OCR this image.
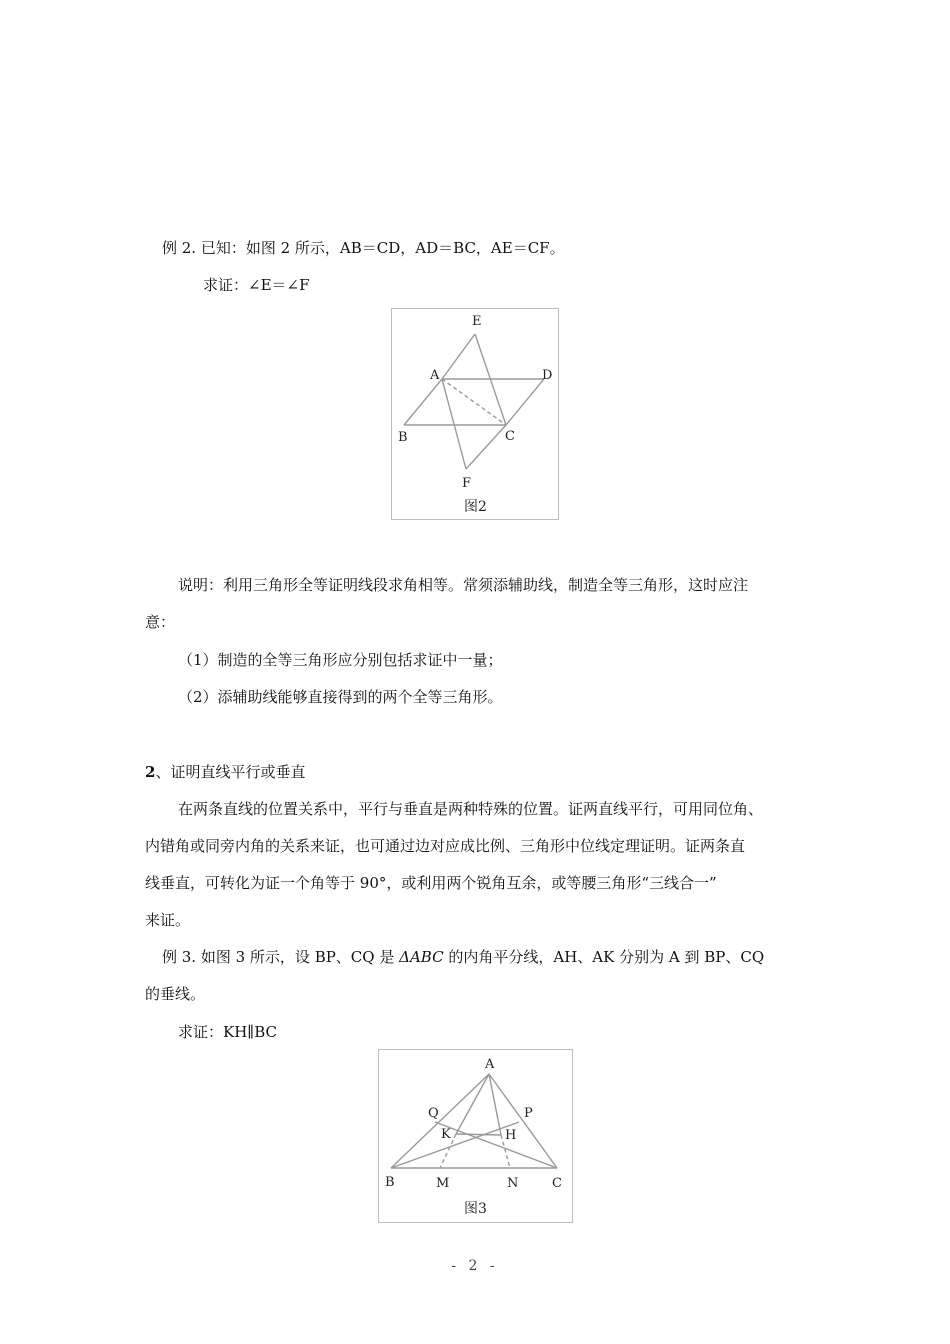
例 2. 已知：如图 2 所示，AB＝CD，AD＝BC，AE＝CF。
求证：∠E＝∠F
E
A	D
B	C
F
图2
说明：利用三角形全等证明线段求角相等。常须添辅助线，制造全等三角形，这时应注
意：
（1）制造的全等三角形应分别包括求证中一量；
（2）添辅助线能够直接得到的两个全等三角形。
2、证明直线平行或垂直
在两条直线的位置关系中，平行与垂直是两种特殊的位置。证两直线平行，可用同位角、
内错角或同旁内角的关系来证，也可通过边对应成比例、三角形中位线定理证明。证两条直
线垂直，可转化为证一个角等于 90°，或利用两个锐角互余，或等腰三角形“三线合一”
来证。
例 3. 如图 3 所示，设 BP、CQ 是 ΔABC 的内角平分线，AH、AK 分别为 A 到 BP、CQ
的垂线。
求证：KH∥BC
A
Q	P
K	H
B	M	N	C
图3
- 2 -
